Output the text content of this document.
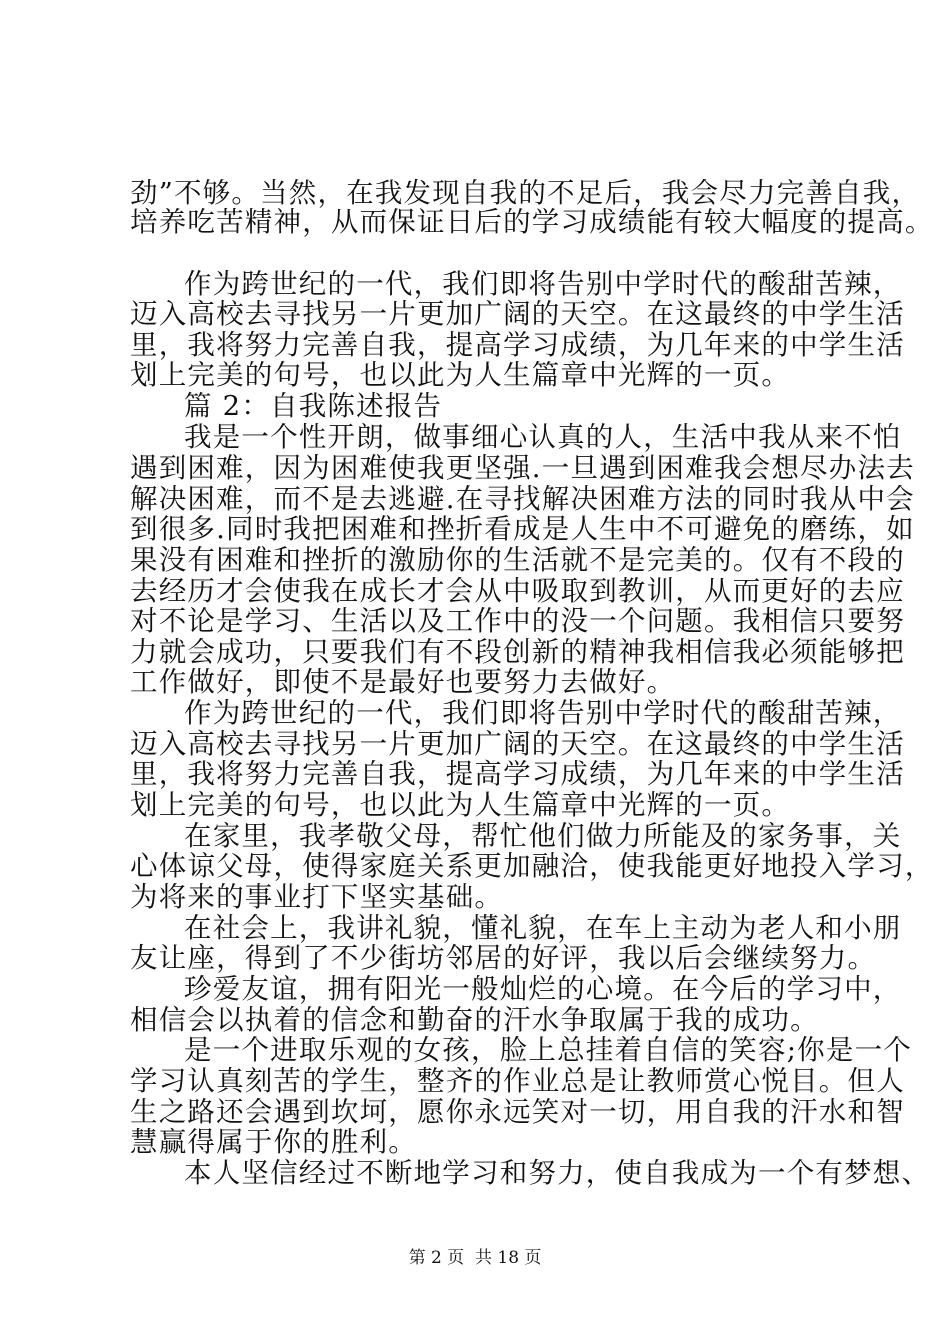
劲”不够。当然，在我发现自我的不足后，我会尽力完善自我，
培养吃苦精神，从而保证日后的学习成绩能有较大幅度的提高。
作为跨世纪的一代，我们即将告别中学时代的酸甜苦辣，
迈入高校去寻找另一片更加广阔的天空。在这最终的中学生活
里，我将努力完善自我，提高学习成绩，为几年来的中学生活
划上完美的句号，也以此为人生篇章中光辉的一页。
篇 2：自我陈述报告
我是一个性开朗，做事细心认真的人，生活中我从来不怕
遇到困难，因为困难使我更坚强.一旦遇到困难我会想尽办法去
解决困难，而不是去逃避.在寻找解决困难方法的同时我从中会
到很多.同时我把困难和挫折看成是人生中不可避免的磨练，如
果没有困难和挫折的激励你的生活就不是完美的。仅有不段的
去经历才会使我在成长才会从中吸取到教训，从而更好的去应
对不论是学习、生活以及工作中的没一个问题。我相信只要努
力就会成功，只要我们有不段创新的精神我相信我必须能够把
工作做好，即使不是最好也要努力去做好。
作为跨世纪的一代，我们即将告别中学时代的酸甜苦辣，
迈入高校去寻找另一片更加广阔的天空。在这最终的中学生活
里，我将努力完善自我，提高学习成绩，为几年来的中学生活
划上完美的句号，也以此为人生篇章中光辉的一页。
在家里，我孝敬父母，帮忙他们做力所能及的家务事，关
心体谅父母，使得家庭关系更加融洽，使我能更好地投入学习，
为将来的事业打下坚实基础。
在社会上，我讲礼貌，懂礼貌，在车上主动为老人和小朋
友让座，得到了不少街坊邻居的好评，我以后会继续努力。
珍爱友谊，拥有阳光一般灿烂的心境。在今后的学习中，
相信会以执着的信念和勤奋的汗水争取属于我的成功。
是一个进取乐观的女孩，脸上总挂着自信的笑容;你是一个
学习认真刻苦的学生，整齐的作业总是让教师赏心悦目。但人
生之路还会遇到坎坷，愿你永远笑对一切，用自我的汗水和智
慧赢得属于你的胜利。
本人坚信经过不断地学习和努力，使自我成为一个有梦想、
第 2 页  共 18 页
